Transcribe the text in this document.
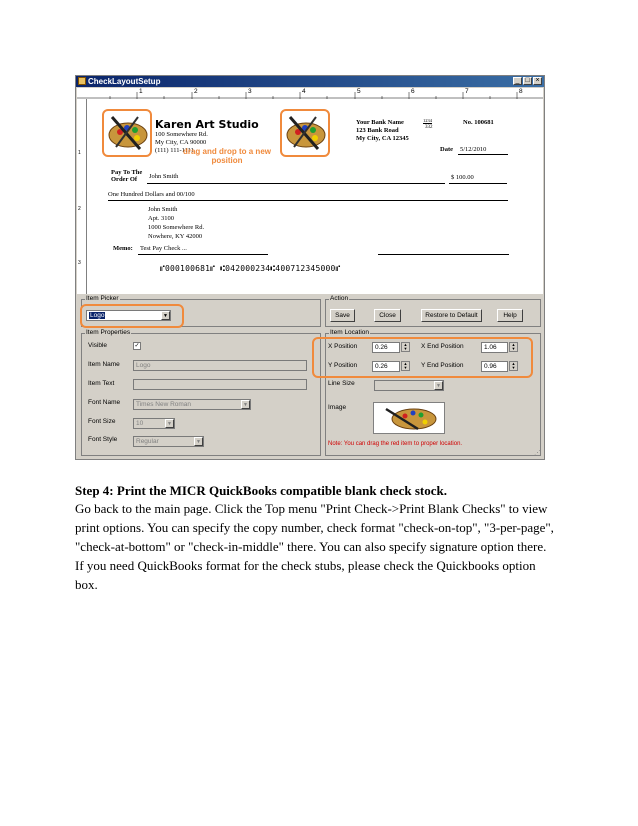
CheckLayoutSetup	_ □ ×
1	2	3	4	5	6	7	8
1
2
3
Karen Art Studio
100 Somewhere Rd.
My City, CA 90000
(111) 111-1111
drag and drop to a new position
Your Bank Name
123 Bank Road
My City, CA 12345
1234
332
No. 100681
Date 5/12/2010
Pay To The
Order Of John Smith	$ 100.00
One Hundred Dollars and 00/100
John Smith
Apt. 3100
1000 Somewhere Rd.
Nowhere, KY 42000
Memo: Test Pay Check ...
⑈000100681⑈ ⑆042000234⑆400712345000⑈
Item Picker
Logo	▼
Action
Save	Close	Restore to Default	Help
Item Properties
Visible	✓
Item Name	Logo
Item Text
Font Name	Times New Roman	▼
Font Size	10	▼
Font Style	Regular	▼
Item Location
X Position	0.26	▲
▼	X End Position	1.06	▲
▼
Y Position	0.26	▲
▼	Y End Position	0.96	▲
▼
Line Size	▼
Image
Note: You can drag the red item to proper location.
⋰
Step 4: Print the MICR QuickBooks compatible blank check stock.
Go back to the main page. Click the Top menu "Print Check->Print Blank Checks" to view print options. You can specify the copy number, check format "check-on-top", "3-per-page", "check-at-bottom" or "check-in-middle" there. You can also specify signature option there. If you need QuickBooks format for the check stubs, please check the Quickbooks option box.
